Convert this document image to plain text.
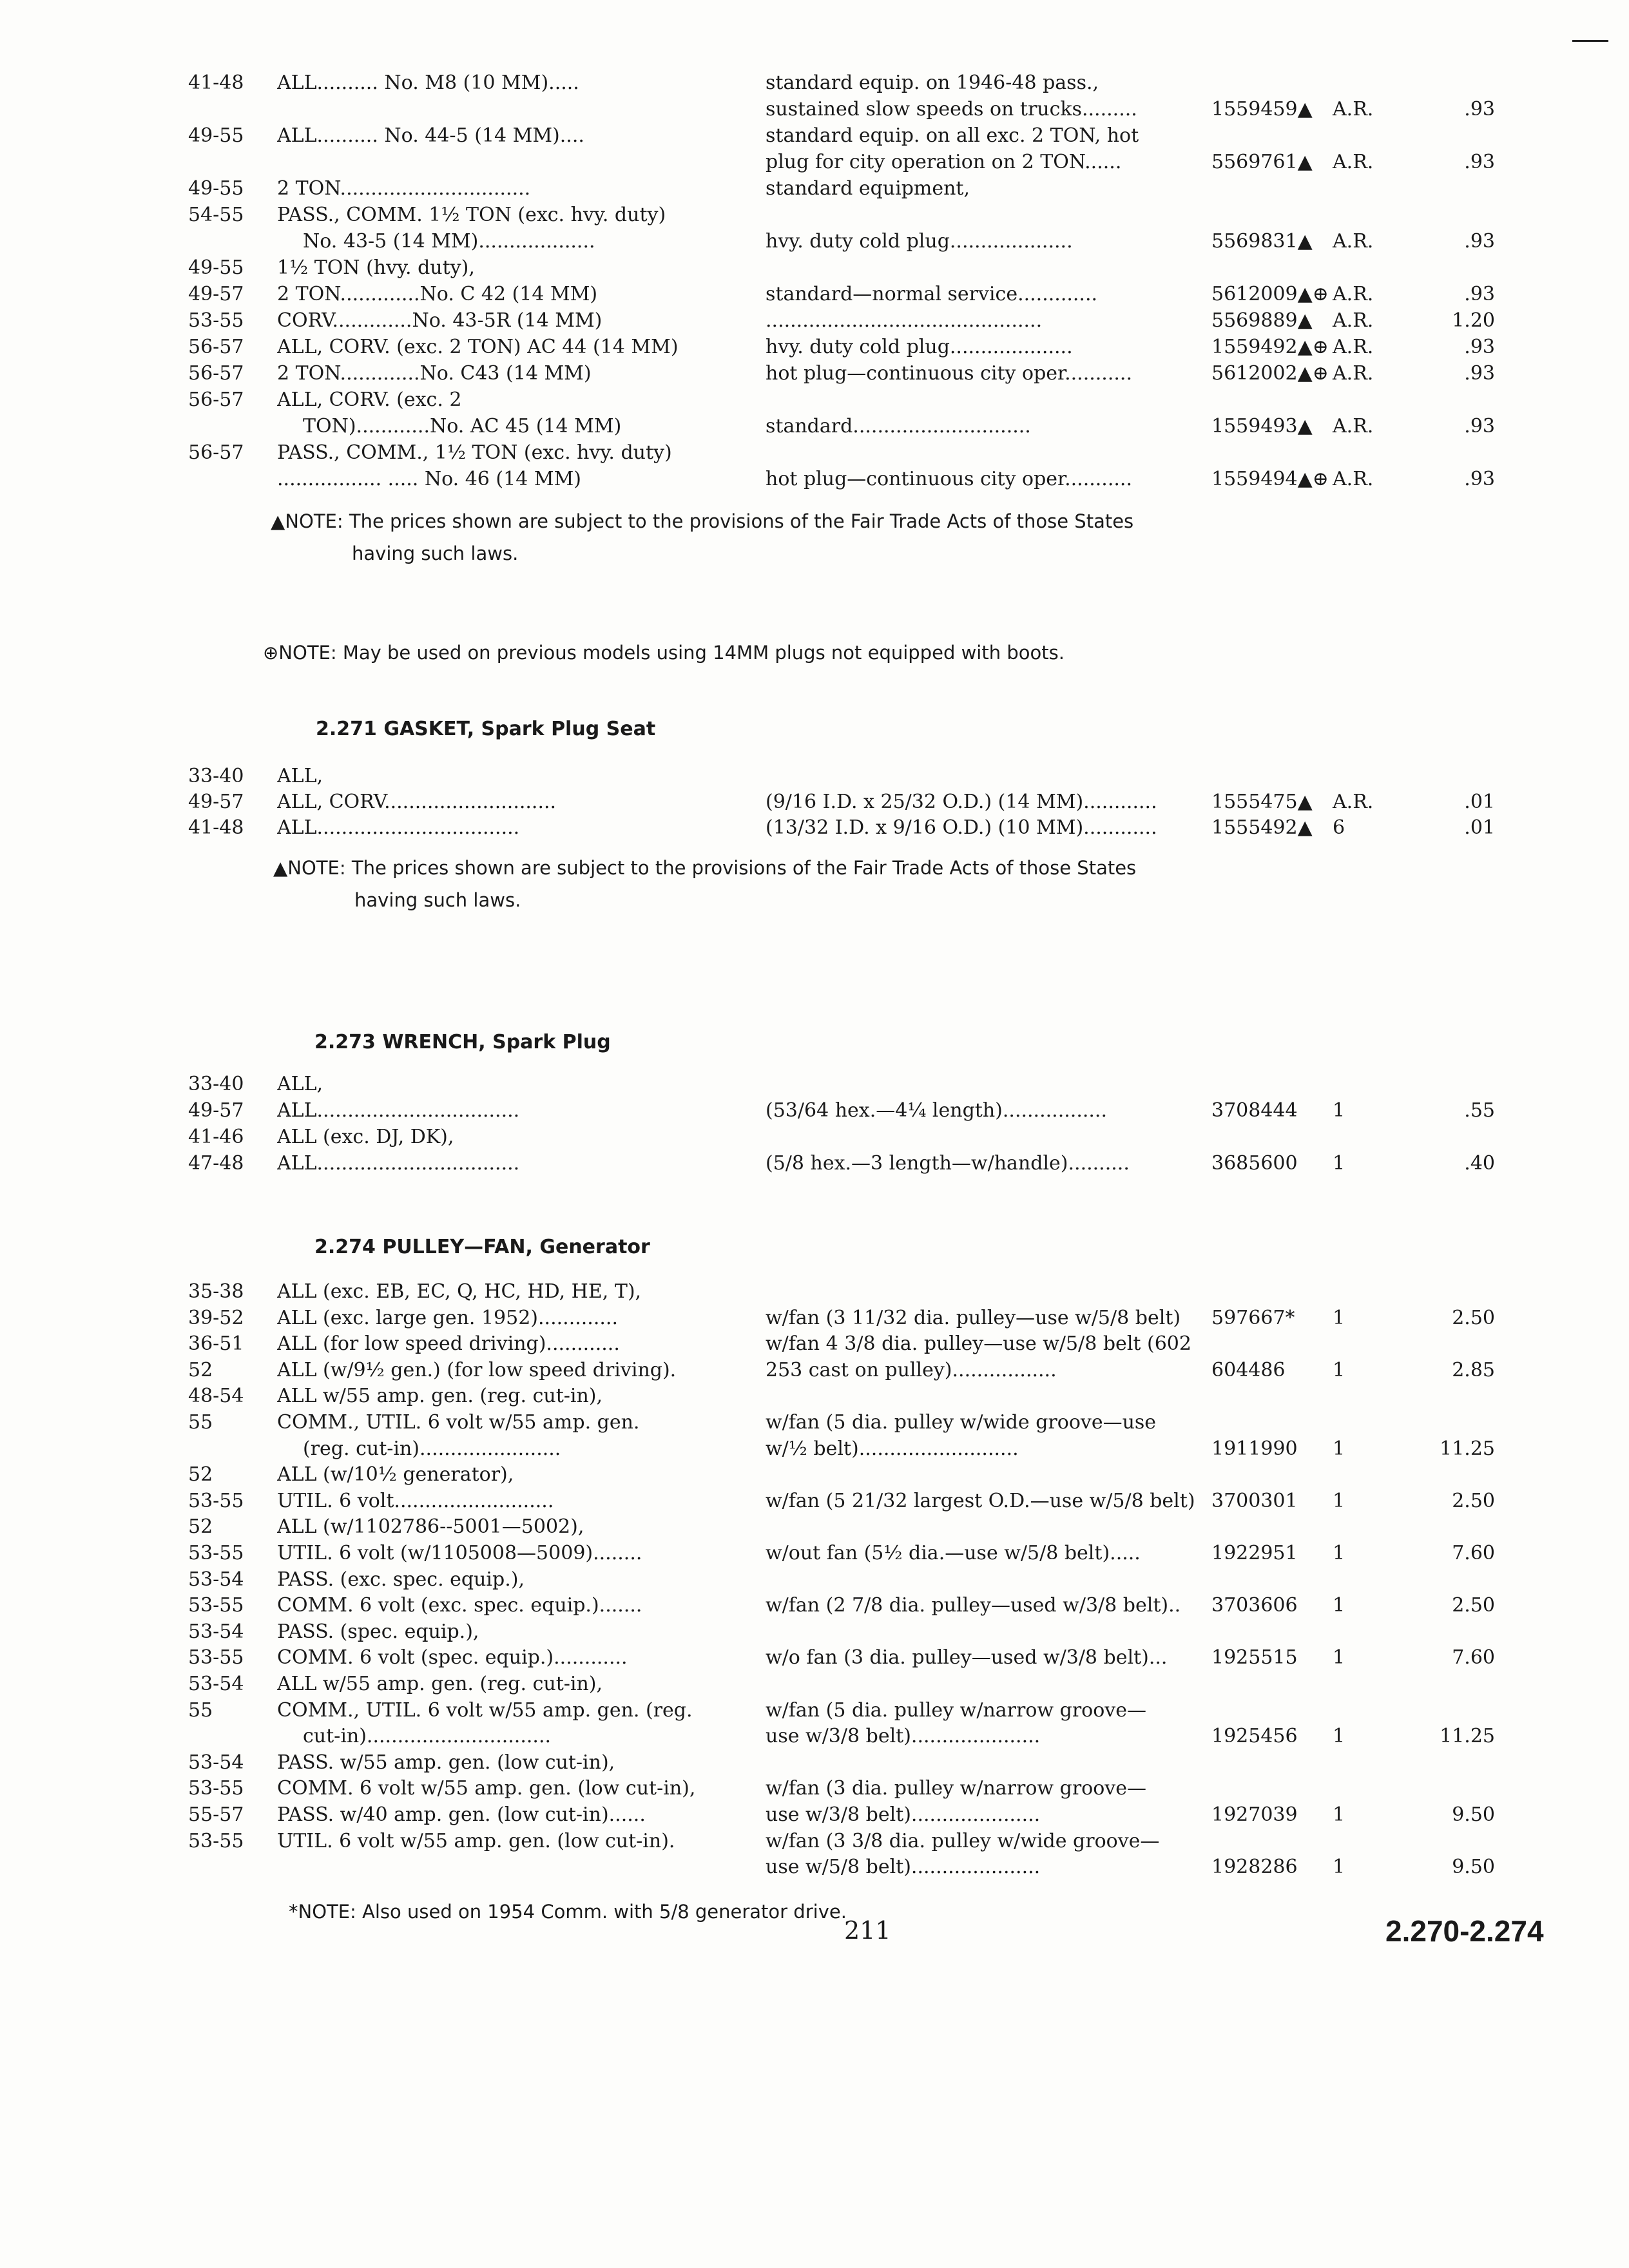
▲NOTE: The prices shown are subject to the provisions of the Fair Trade Acts of those States
having such laws.
⊕NOTE: May be used on previous models using 14MM plugs not equipped with boots.
2.271 GASKET, Spark Plug Seat
▲NOTE: The prices shown are subject to the provisions of the Fair Trade Acts of those States
having such laws.
2.273 WRENCH, Spark Plug
2.274 PULLEY—FAN, Generator
*NOTE: Also used on 1954 Comm. with 5/8 generator drive.
211	2.270-2.274
41-48	ALL.......... No. M8 (10 MM).....	standard equip. on 1946-48 pass.,
sustained slow speeds on trucks.........	1559459▲	A.R.	.93
49-55	ALL.......... No. 44-5 (14 MM)....	standard equip. on all exc. 2 TON, hot
plug for city operation on 2 TON......	5569761▲	A.R.	.93
49-55	2 TON...............................	standard equipment,
54-55	PASS., COMM. 1½ TON (exc. hvy. duty)
No. 43-5 (14 MM)...................	hvy. duty cold plug....................	5569831▲	A.R.	.93
49-55	1½ TON (hvy. duty),
49-57	2 TON.............No. C 42 (14 MM)	standard—normal service.............	5612009▲⊕ A.R.	.93
53-55	CORV.............No. 43-5R (14 MM)	.............................................	5569889▲	A.R.	1.20
56-57	ALL, CORV. (exc. 2 TON) AC 44 (14 MM)	hvy. duty cold plug....................	1559492▲⊕ A.R.	.93
56-57	2 TON.............No. C43 (14 MM)	hot plug—continuous city oper...........	5612002▲⊕ A.R.	.93
56-57	ALL, CORV. (exc. 2
TON)............No. AC 45 (14 MM)	standard.............................	1559493▲	A.R.	.93
56-57	PASS., COMM., 1½ TON (exc. hvy. duty)
................. ..... No. 46 (14 MM)	hot plug—continuous city oper...........	1559494▲⊕ A.R.	.93
33-40	ALL,
49-57	ALL, CORV............................	(9/16 I.D. x 25/32 O.D.) (14 MM)............	1555475▲	A.R.	.01
41-48	ALL.................................	(13/32 I.D. x 9/16 O.D.) (10 MM)............	1555492▲	6	.01
33-40	ALL,
49-57	ALL.................................	(53/64 hex.—4¼ length).................	3708444	1	.55
41-46	ALL (exc. DJ, DK),
47-48	ALL.................................	(5/8 hex.—3 length—w/handle)..........	3685600	1	.40
35-38	ALL (exc. EB, EC, Q, HC, HD, HE, T),
39-52	ALL (exc. large gen. 1952).............	w/fan (3 11/32 dia. pulley—use w/5/8 belt)	597667*	1	2.50
36-51	ALL (for low speed driving)............	w/fan 4 3/8 dia. pulley—use w/5/8 belt (602
52	ALL (w/9½ gen.) (for low speed driving).	253 cast on pulley).................	604486	1	2.85
48-54	ALL w/55 amp. gen. (reg. cut-in),
55	COMM., UTIL. 6 volt w/55 amp. gen.	w/fan (5 dia. pulley w/wide groove—use
(reg. cut-in).......................	w/½ belt)..........................	1911990	1	11.25
52	ALL (w/10½ generator),
53-55	UTIL. 6 volt..........................	w/fan (5 21/32 largest O.D.—use w/5/8 belt) 3700301	1	2.50
52	ALL (w/1102786--5001—5002),
53-55	UTIL. 6 volt (w/1105008—5009)........	w/out fan (5½ dia.—use w/5/8 belt).....	1922951	1	7.60
53-54	PASS. (exc. spec. equip.),
53-55	COMM. 6 volt (exc. spec. equip.).......	w/fan (2 7/8 dia. pulley—used w/3/8 belt)..	3703606	1	2.50
53-54	PASS. (spec. equip.),
53-55	COMM. 6 volt (spec. equip.)............	w/o fan (3 dia. pulley—used w/3/8 belt)...	1925515	1	7.60
53-54	ALL w/55 amp. gen. (reg. cut-in),
55	COMM., UTIL. 6 volt w/55 amp. gen. (reg.	w/fan (5 dia. pulley w/narrow groove—
cut-in)..............................	use w/3/8 belt).....................	1925456	1	11.25
53-54	PASS. w/55 amp. gen. (low cut-in),
53-55	COMM. 6 volt w/55 amp. gen. (low cut-in),	w/fan (3 dia. pulley w/narrow groove—
55-57	PASS. w/40 amp. gen. (low cut-in)......	use w/3/8 belt).....................	1927039	1	9.50
53-55	UTIL. 6 volt w/55 amp. gen. (low cut-in).	w/fan (3 3/8 dia. pulley w/wide groove—
use w/5/8 belt).....................	1928286	1	9.50
